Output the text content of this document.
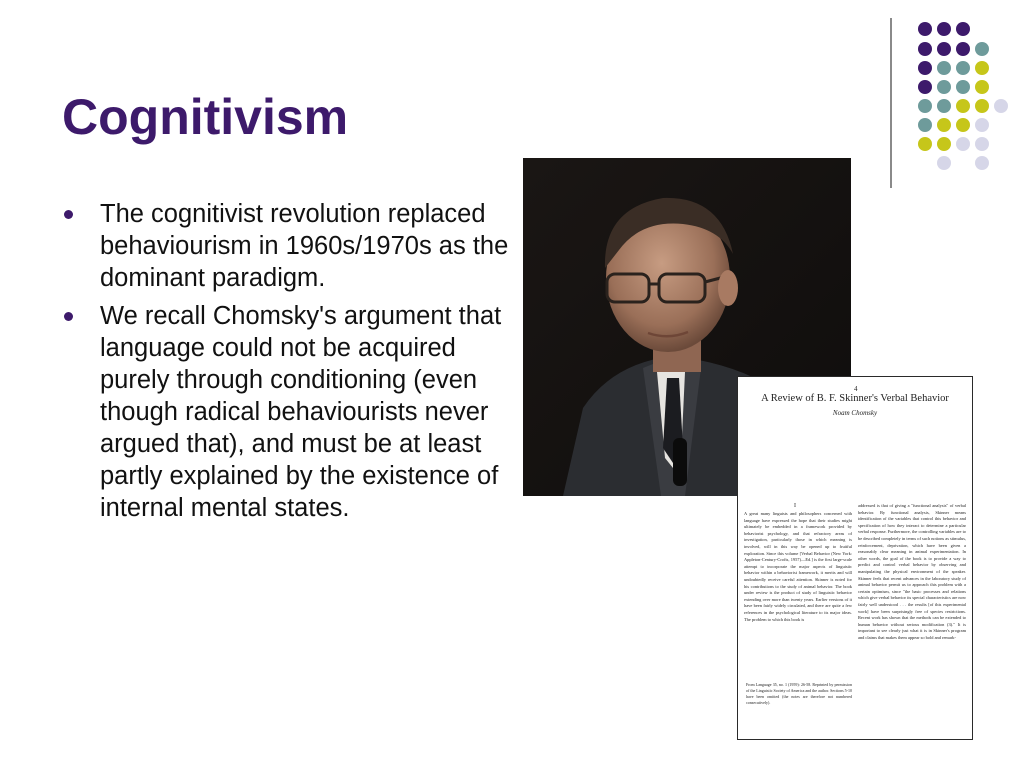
Cognitivism
The cognitivist revolution replaced behaviourism in 1960s/1970s as the dominant paradigm.
We recall Chomsky's argument that language could not be acquired purely through conditioning (even though radical behaviourists never argued that), and must be at least partly explained by the existence of internal mental states.
4
A Review of B. F. Skinner's Verbal Behavior
Noam Chomsky
I
A great many linguists and philosophers concerned with language have expressed the hope that their studies might ultimately be embedded in a framework provided by behaviorist psychology, and that refractory areas of investigation, particularly those in which meaning is involved, will in this way be opened up to fruitful exploration. Since this volume [Verbal Behavior (New York: Appleton-Century-Crofts, 1957)—Ed.] is the first large-scale attempt to incorporate the major aspects of linguistic behavior within a behaviorist framework, it merits and will undoubtedly receive careful attention. Skinner is noted for his contributions to the study of animal behavior. The book under review is the product of study of linguistic behavior extending over more than twenty years. Earlier versions of it have been fairly widely circulated, and there are quite a few references in the psychological literature to its major ideas. The problem to which this book is
From Language 35, no. 1 (1959): 26-58. Reprinted by permission of the Linguistic Society of America and the author. Sections 5-10 have been omitted (the notes are therefore not numbered consecutively).
addressed is that of giving a "functional analysis" of verbal behavior. By functional analysis, Skinner means identification of the variables that control this behavior and specification of how they interact to determine a particular verbal response. Furthermore, the controlling variables are to be described completely in terms of such notions as stimulus, reinforcement, deprivation, which have been given a reasonably clear meaning in animal experimentation. In other words, the goal of the book is to provide a way to predict and control verbal behavior by observing and manipulating the physical environment of the speaker. Skinner feels that recent advances in the laboratory study of animal behavior permit us to approach this problem with a certain optimism, since "the basic processes and relations which give verbal behavior its special characteristics are now fairly well understood . . . the results [of this experimental work] have been surprisingly free of species restrictions. Recent work has shown that the methods can be extended to human behavior without serious modification (3)." It is important to see clearly just what it is in Skinner's program and claims that makes them appear so bold and remark-
